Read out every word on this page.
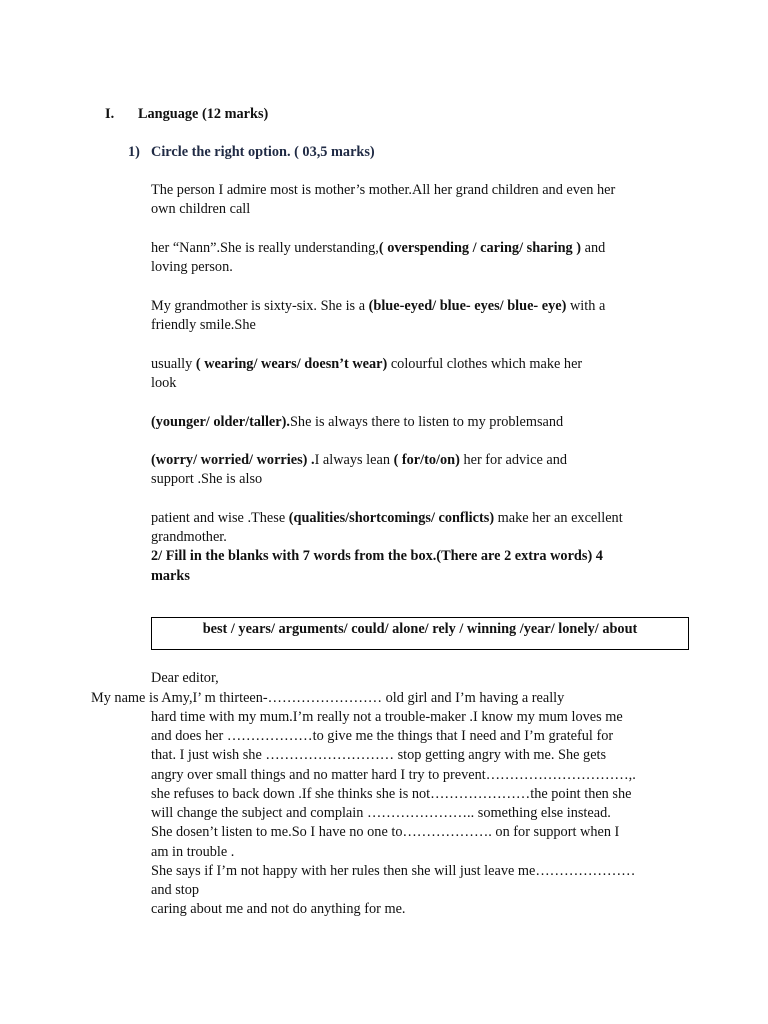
I. Language (12 marks)
1) Circle the right option. ( 03,5 marks)
The person I admire most is mother’s mother.All her grand children and even her
own children call
her “Nann”.She is really understanding,( overspending / caring/ sharing ) and
loving person.
My grandmother is sixty-six. She is a (blue-eyed/ blue- eyes/ blue- eye) with a
friendly smile.She
usually ( wearing/ wears/ doesn’t wear) colourful clothes which make her
look
(younger/ older/taller).She is always there to listen to my problemsand
(worry/ worried/ worries) .I always lean ( for/to/on) her for advice and
support .She is also
patient and wise .These (qualities/shortcomings/ conflicts) make her an excellent
grandmother.
2/ Fill in the blanks with 7 words from the box.(There are 2 extra words) 4
marks
best / years/ arguments/ could/ alone/ rely / winning /year/ lonely/ about
Dear editor,
My name is Amy,I’ m thirteen-…………………… old girl and I’m having a really
hard time with my mum.I’m really not a trouble-maker .I know my mum loves me
and does her ………………to give me the things that I need and I’m grateful for
that. I just wish she ……………………… stop getting angry with me. She gets
angry over small things and no matter hard I try to prevent…………………………,.
she refuses to back down .If she thinks she is not…………………the point then she
will change the subject and complain ………………….. something else instead.
She dosen’t listen to me.So I have no one to………………. on for support when I
am in trouble .
She says if I’m not happy with her rules then she will just leave me…………………
and stop
caring about me and not do anything for me.
